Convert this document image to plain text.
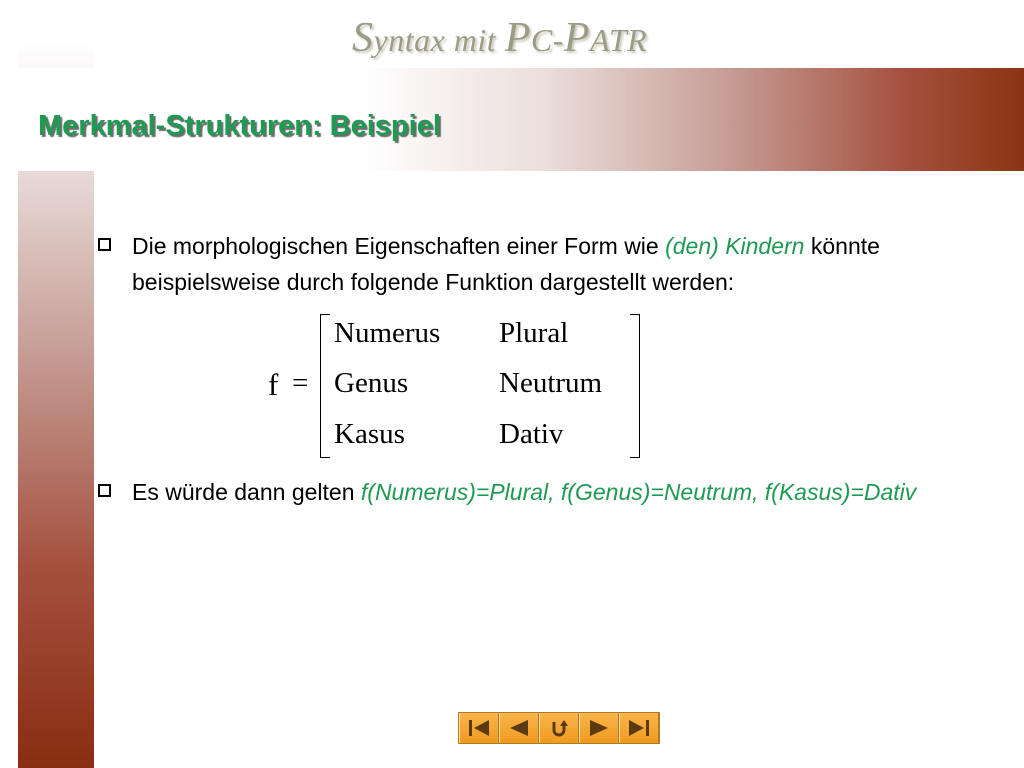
Syntax mit PC-PATR
Merkmal-Strukturen: Beispiel
Die morphologischen Eigenschaften einer Form wie (den) Kindern könnte beispielsweise durch folgende Funktion dargestellt werden:
f =
Numerus Plural
Genus	Neutrum
Kasus	Dativ
Es würde dann gelten f(Numerus)=Plural, f(Genus)=Neutrum, f(Kasus)=Dativ
